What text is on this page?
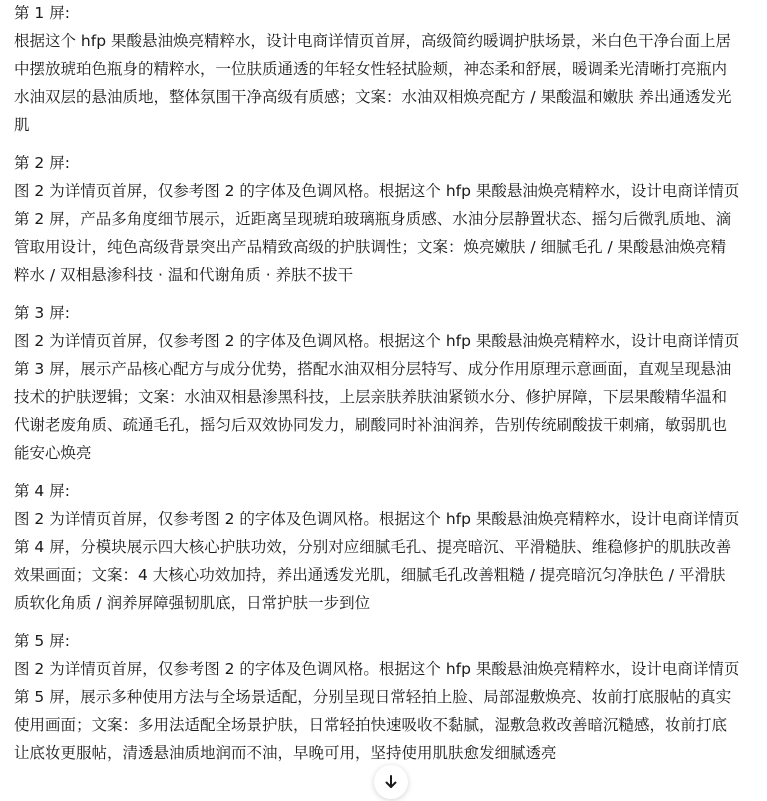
第 1 屏:
根据这个 hfp 果酸悬油焕亮精粹水，设计电商详情页首屏，高级简约暖调护肤场景，米白色干净台面上居
中摆放琥珀色瓶身的精粹水，一位肤质通透的年轻女性轻拭脸颊，神态柔和舒展，暖调柔光清晰打亮瓶内
水油双层的悬油质地，整体氛围干净高级有质感；文案：水油双相焕亮配方 / 果酸温和嫩肤 养出通透发光
肌
第 2 屏:
图 2 为详情页首屏，仅参考图 2 的字体及色调风格。根据这个 hfp 果酸悬油焕亮精粹水，设计电商详情页
第 2 屏，产品多角度细节展示，近距离呈现琥珀玻璃瓶身质感、水油分层静置状态、摇匀后微乳质地、滴
管取用设计，纯色高级背景突出产品精致高级的护肤调性；文案：焕亮嫩肤 / 细腻毛孔 / 果酸悬油焕亮精
粹水 / 双相悬渗科技 · 温和代谢角质 · 养肤不拔干
第 3 屏:
图 2 为详情页首屏，仅参考图 2 的字体及色调风格。根据这个 hfp 果酸悬油焕亮精粹水，设计电商详情页
第 3 屏，展示产品核心配方与成分优势，搭配水油双相分层特写、成分作用原理示意画面，直观呈现悬油
技术的护肤逻辑；文案：水油双相悬渗黑科技，上层亲肤养肤油紧锁水分、修护屏障，下层果酸精华温和
代谢老废角质、疏通毛孔，摇匀后双效协同发力，刷酸同时补油润养，告别传统刷酸拔干刺痛，敏弱肌也
能安心焕亮
第 4 屏:
图 2 为详情页首屏，仅参考图 2 的字体及色调风格。根据这个 hfp 果酸悬油焕亮精粹水，设计电商详情页
第 4 屏，分模块展示四大核心护肤功效，分别对应细腻毛孔、提亮暗沉、平滑糙肤、维稳修护的肌肤改善
效果画面；文案：4 大核心功效加持，养出通透发光肌，细腻毛孔改善粗糙 / 提亮暗沉匀净肤色 / 平滑肤
质软化角质 / 润养屏障强韧肌底，日常护肤一步到位
第 5 屏:
图 2 为详情页首屏，仅参考图 2 的字体及色调风格。根据这个 hfp 果酸悬油焕亮精粹水，设计电商详情页
第 5 屏，展示多种使用方法与全场景适配，分别呈现日常轻拍上脸、局部湿敷焕亮、妆前打底服帖的真实
使用画面；文案：多用法适配全场景护肤，日常轻拍快速吸收不黏腻，湿敷急救改善暗沉糙感，妆前打底
让底妆更服帖，清透悬油质地润而不油，早晚可用，坚持使用肌肤愈发细腻透亮
